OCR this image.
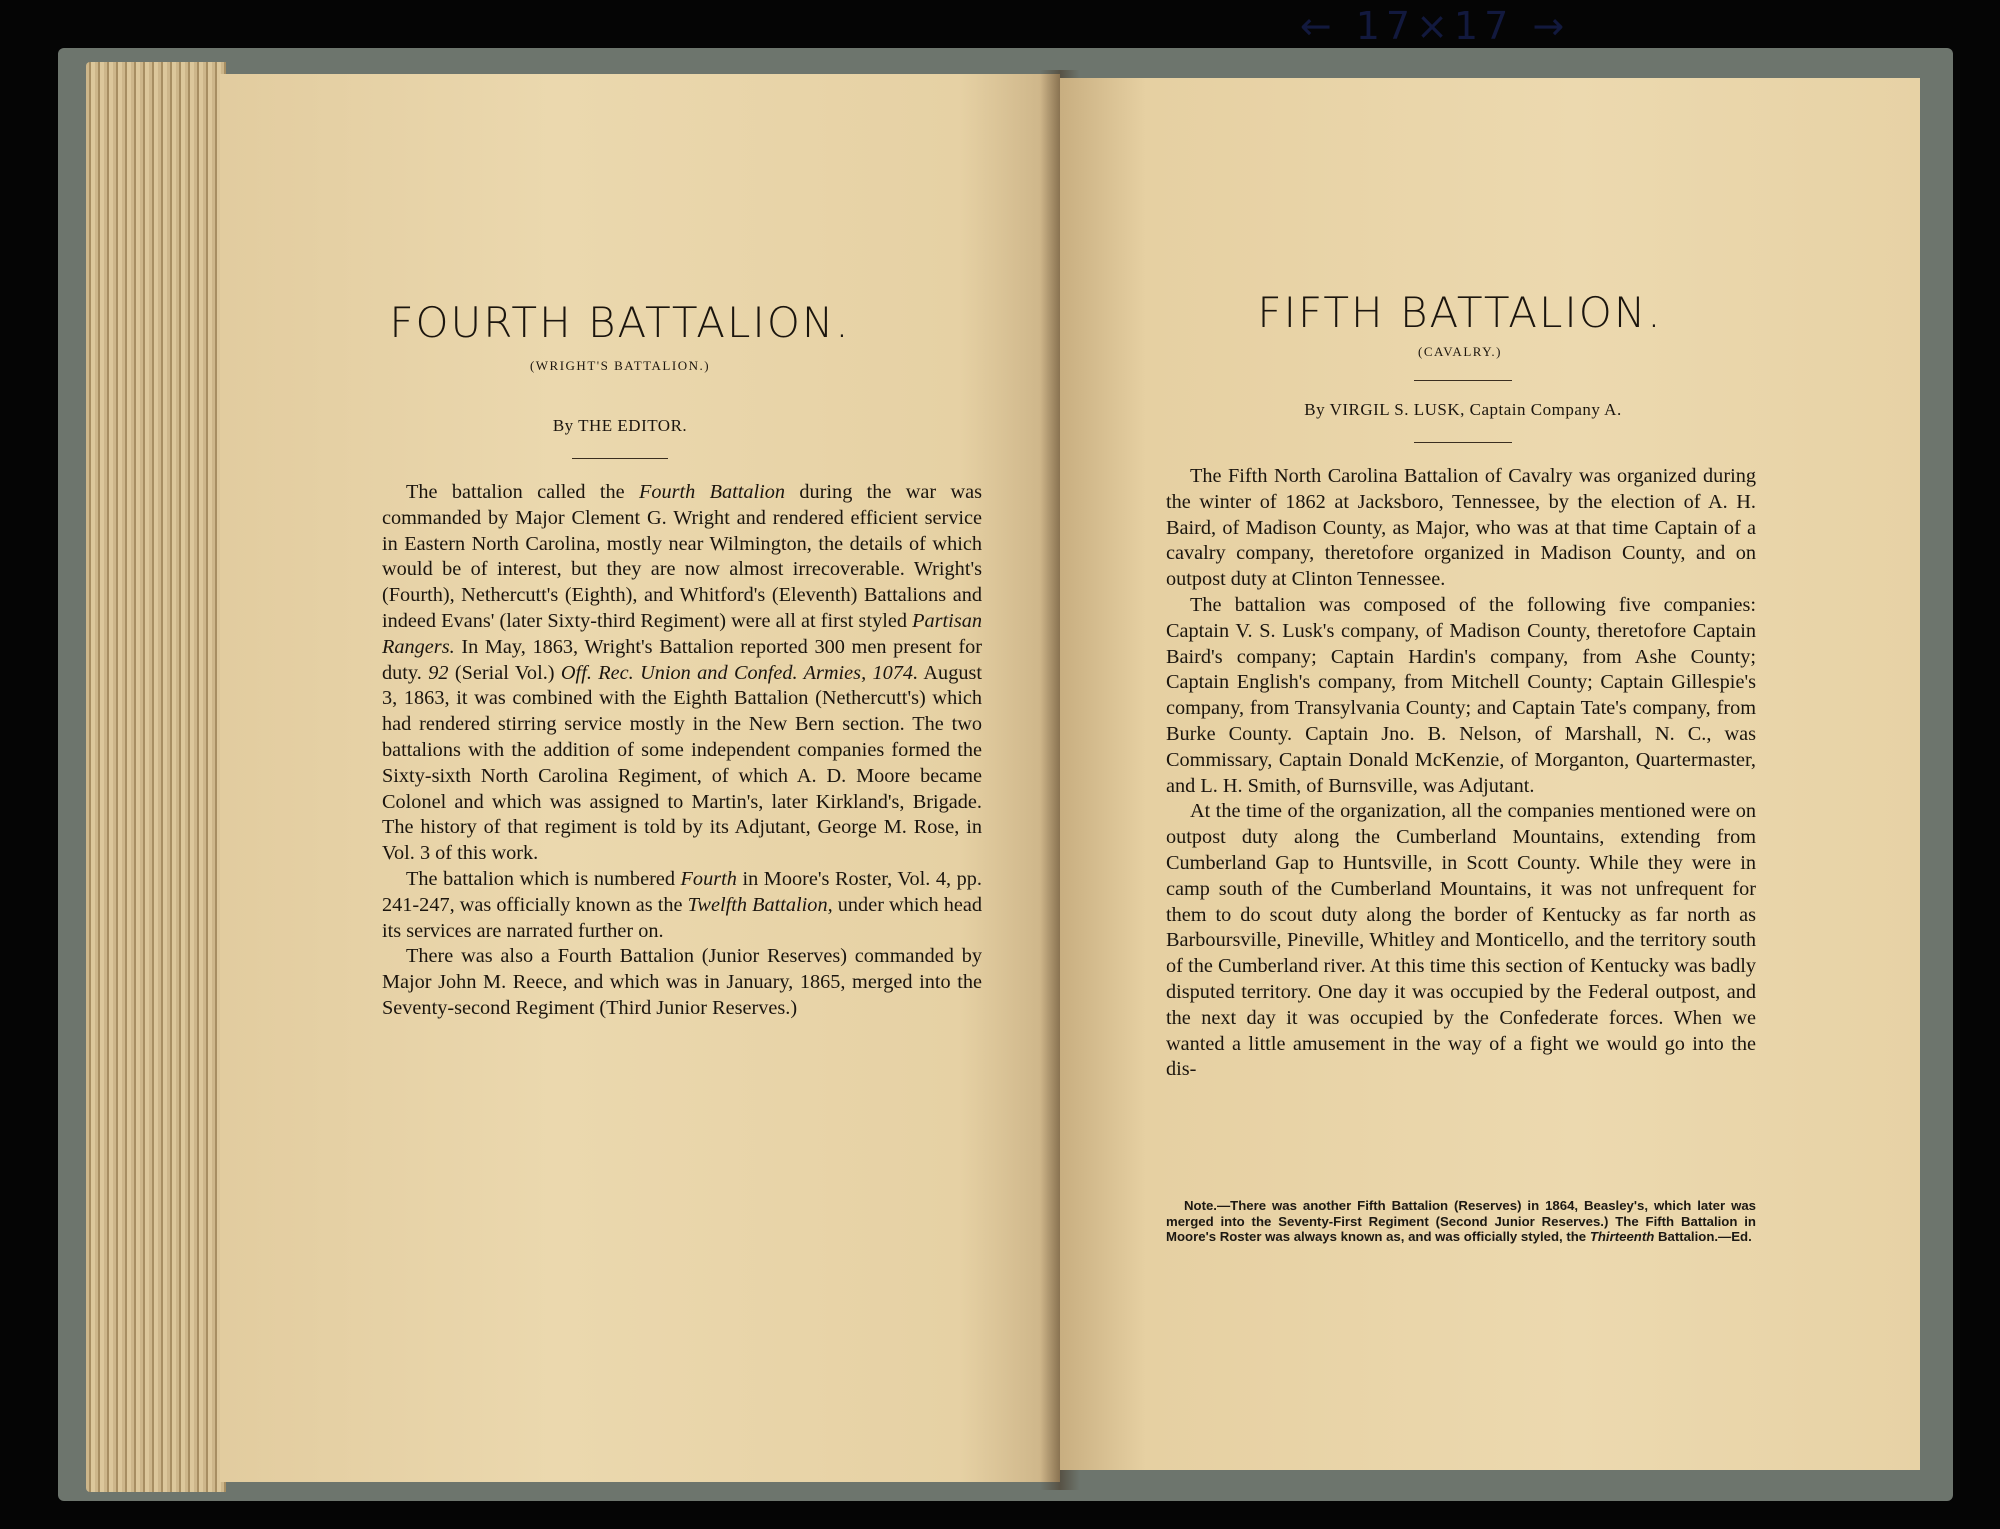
← 17×17 →
FOURTH BATTALION.
(WRIGHT'S BATTALION.)
By THE EDITOR.

The battalion called the Fourth Battalion during the war was commanded by Major Clement G. Wright and rendered efficient service in Eastern North Carolina, mostly near Wilmington, the details of which would be of interest, but they are now almost irrecoverable. Wright's (Fourth), Nethercutt's (Eighth), and Whitford's (Eleventh) Battalions and indeed Evans' (later Sixty-third Regiment) were all at first styled Partisan Rangers. In May, 1863, Wright's Battalion reported 300 men present for duty. 92 (Serial Vol.) Off. Rec. Union and Confed. Armies, 1074. August 3, 1863, it was combined with the Eighth Battalion (Nethercutt's) which had rendered stirring service mostly in the New Bern section. The two battalions with the addition of some independent companies formed the Sixty-sixth North Carolina Regiment, of which A. D. Moore became Colonel and which was assigned to Martin's, later Kirkland's, Brigade. The history of that regiment is told by its Adjutant, George M. Rose, in Vol. 3 of this work.

The battalion which is numbered Fourth in Moore's Roster, Vol. 4, pp. 241-247, was officially known as the Twelfth Battalion, under which head its services are narrated further on.

There was also a Fourth Battalion (Junior Reserves) commanded by Major John M. Reece, and which was in January, 1865, merged into the Seventy-second Regiment (Third Junior Reserves.)

FIFTH BATTALION.
(CAVALRY.)
By VIRGIL S. LUSK, Captain Company A.

The Fifth North Carolina Battalion of Cavalry was organized during the winter of 1862 at Jacksboro, Tennessee, by the election of A. H. Baird, of Madison County, as Major, who was at that time Captain of a cavalry company, theretofore organized in Madison County, and on outpost duty at Clinton Tennessee.

The battalion was composed of the following five companies: Captain V. S. Lusk's company, of Madison County, theretofore Captain Baird's company; Captain Hardin's company, from Ashe County; Captain English's company, from Mitchell County; Captain Gillespie's company, from Transylvania County; and Captain Tate's company, from Burke County. Captain Jno. B. Nelson, of Marshall, N. C., was Commissary, Captain Donald McKenzie, of Morganton, Quartermaster, and L. H. Smith, of Burnsville, was Adjutant.

At the time of the organization, all the companies mentioned were on outpost duty along the Cumberland Mountains, extending from Cumberland Gap to Huntsville, in Scott County. While they were in camp south of the Cumberland Mountains, it was not unfrequent for them to do scout duty along the border of Kentucky as far north as Barboursville, Pineville, Whitley and Monticello, and the territory south of the Cumberland river. At this time this section of Kentucky was badly disputed territory. One day it was occupied by the Federal outpost, and the next day it was occupied by the Confederate forces. When we wanted a little amusement in the way of a fight we would go into the dis-

Note.—There was another Fifth Battalion (Reserves) in 1864, Beasley's, which later was merged into the Seventy-First Regiment (Second Junior Reserves.) The Fifth Battalion in Moore's Roster was always known as, and was officially styled, the Thirteenth Battalion.—Ed.
